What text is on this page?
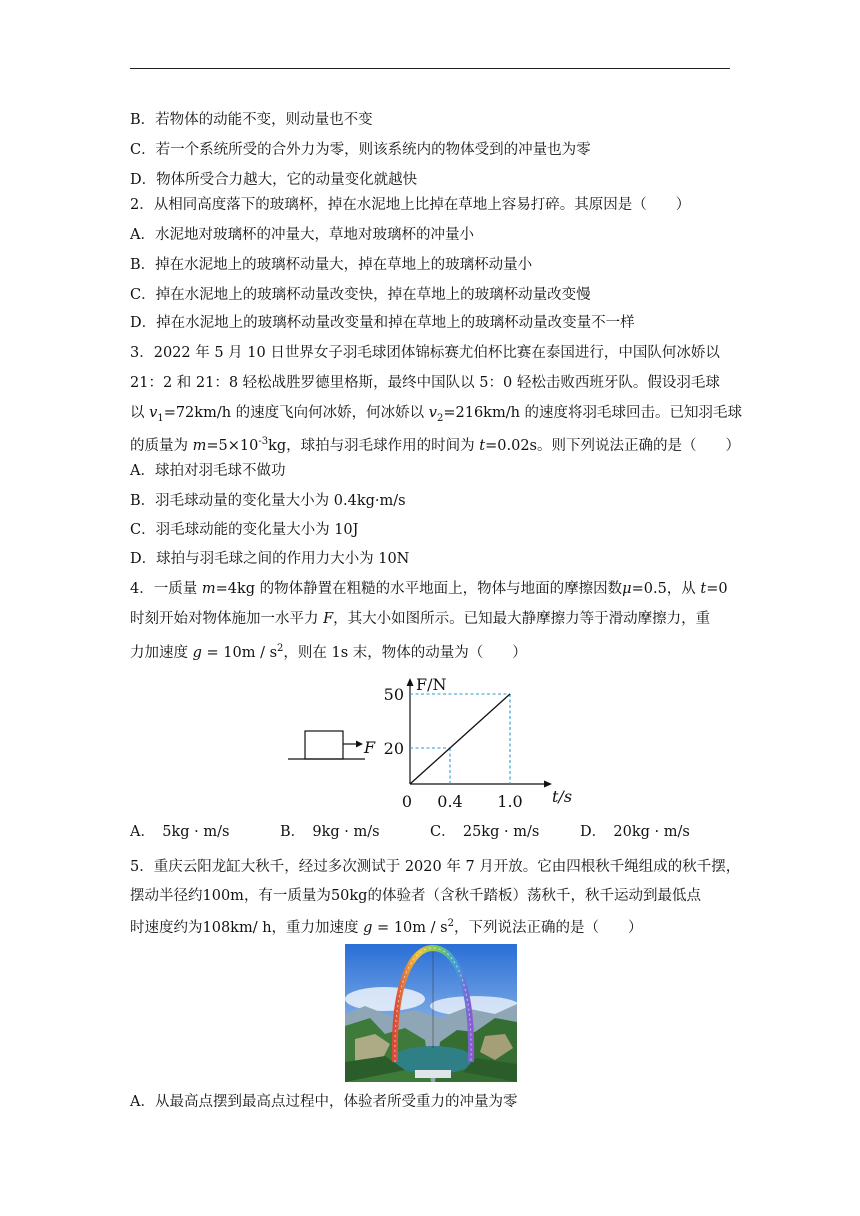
B．若物体的动能不变，则动量也不变
C．若一个系统所受的合外力为零，则该系统内的物体受到的冲量也为零
D．物体所受合力越大，它的动量变化就越快
2．从相同高度落下的玻璃杯，掉在水泥地上比掉在草地上容易打碎。其原因是（　　）
A．水泥地对玻璃杯的冲量大，草地对玻璃杯的冲量小
B．掉在水泥地上的玻璃杯动量大，掉在草地上的玻璃杯动量小
C．掉在水泥地上的玻璃杯动量改变快，掉在草地上的玻璃杯动量改变慢
D．掉在水泥地上的玻璃杯动量改变量和掉在草地上的玻璃杯动量改变量不一样
3．2022 年 5 月 10 日世界女子羽毛球团体锦标赛尤伯杯比赛在泰国进行，中国队何冰娇以
21：2 和 21：8 轻松战胜罗德里格斯，最终中国队以 5：0 轻松击败西班牙队。假设羽毛球
以 $v_1=72km/h$ 的速度飞向何冰娇，何冰娇以 $v_2=216km/h$ 的速度将羽毛球回击。已知羽毛球
的质量为 $m=5\times 10^{-3}kg$，球拍与羽毛球作用的时间为 t=0.02s。则下列说法正确的是（　　）
A．球拍对羽毛球不做功
B．羽毛球动量的变化量大小为 0.4kg·m/s
C．羽毛球动能的变化量大小为 10J
D．球拍与羽毛球之间的作用力大小为 10N
4．一质量 m=4kg 的物体静置在粗糙的水平地面上，物体与地面的摩擦因数μ=0.5，从 t=0
时刻开始对物体施加一水平力 F，其大小如图所示。已知最大静摩擦力等于滑动摩擦力，重
力加速度 $g = 10m / s^2$，则在 1s 末，物体的动量为（　　）
F
F/N
t/s
50
20
0 0.4 1.0
A．　5kg · m/s	B．　9kg · m/s	C．　25kg · m/s	D．　20kg · m/s
5．重庆云阳龙缸大秋千，经过多次测试于 2020 年 7 月开放。它由四根秋千绳组成的秋千摆，
摆动半径约100m，有一质量为50kg的体验者（含秋千踏板）荡秋千，秋千运动到最低点
时速度约为108km/ h，重力加速度 $g = 10m / s^2$，下列说法正确的是（　　）
A．从最高点摆到最高点过程中，体验者所受重力的冲量为零
